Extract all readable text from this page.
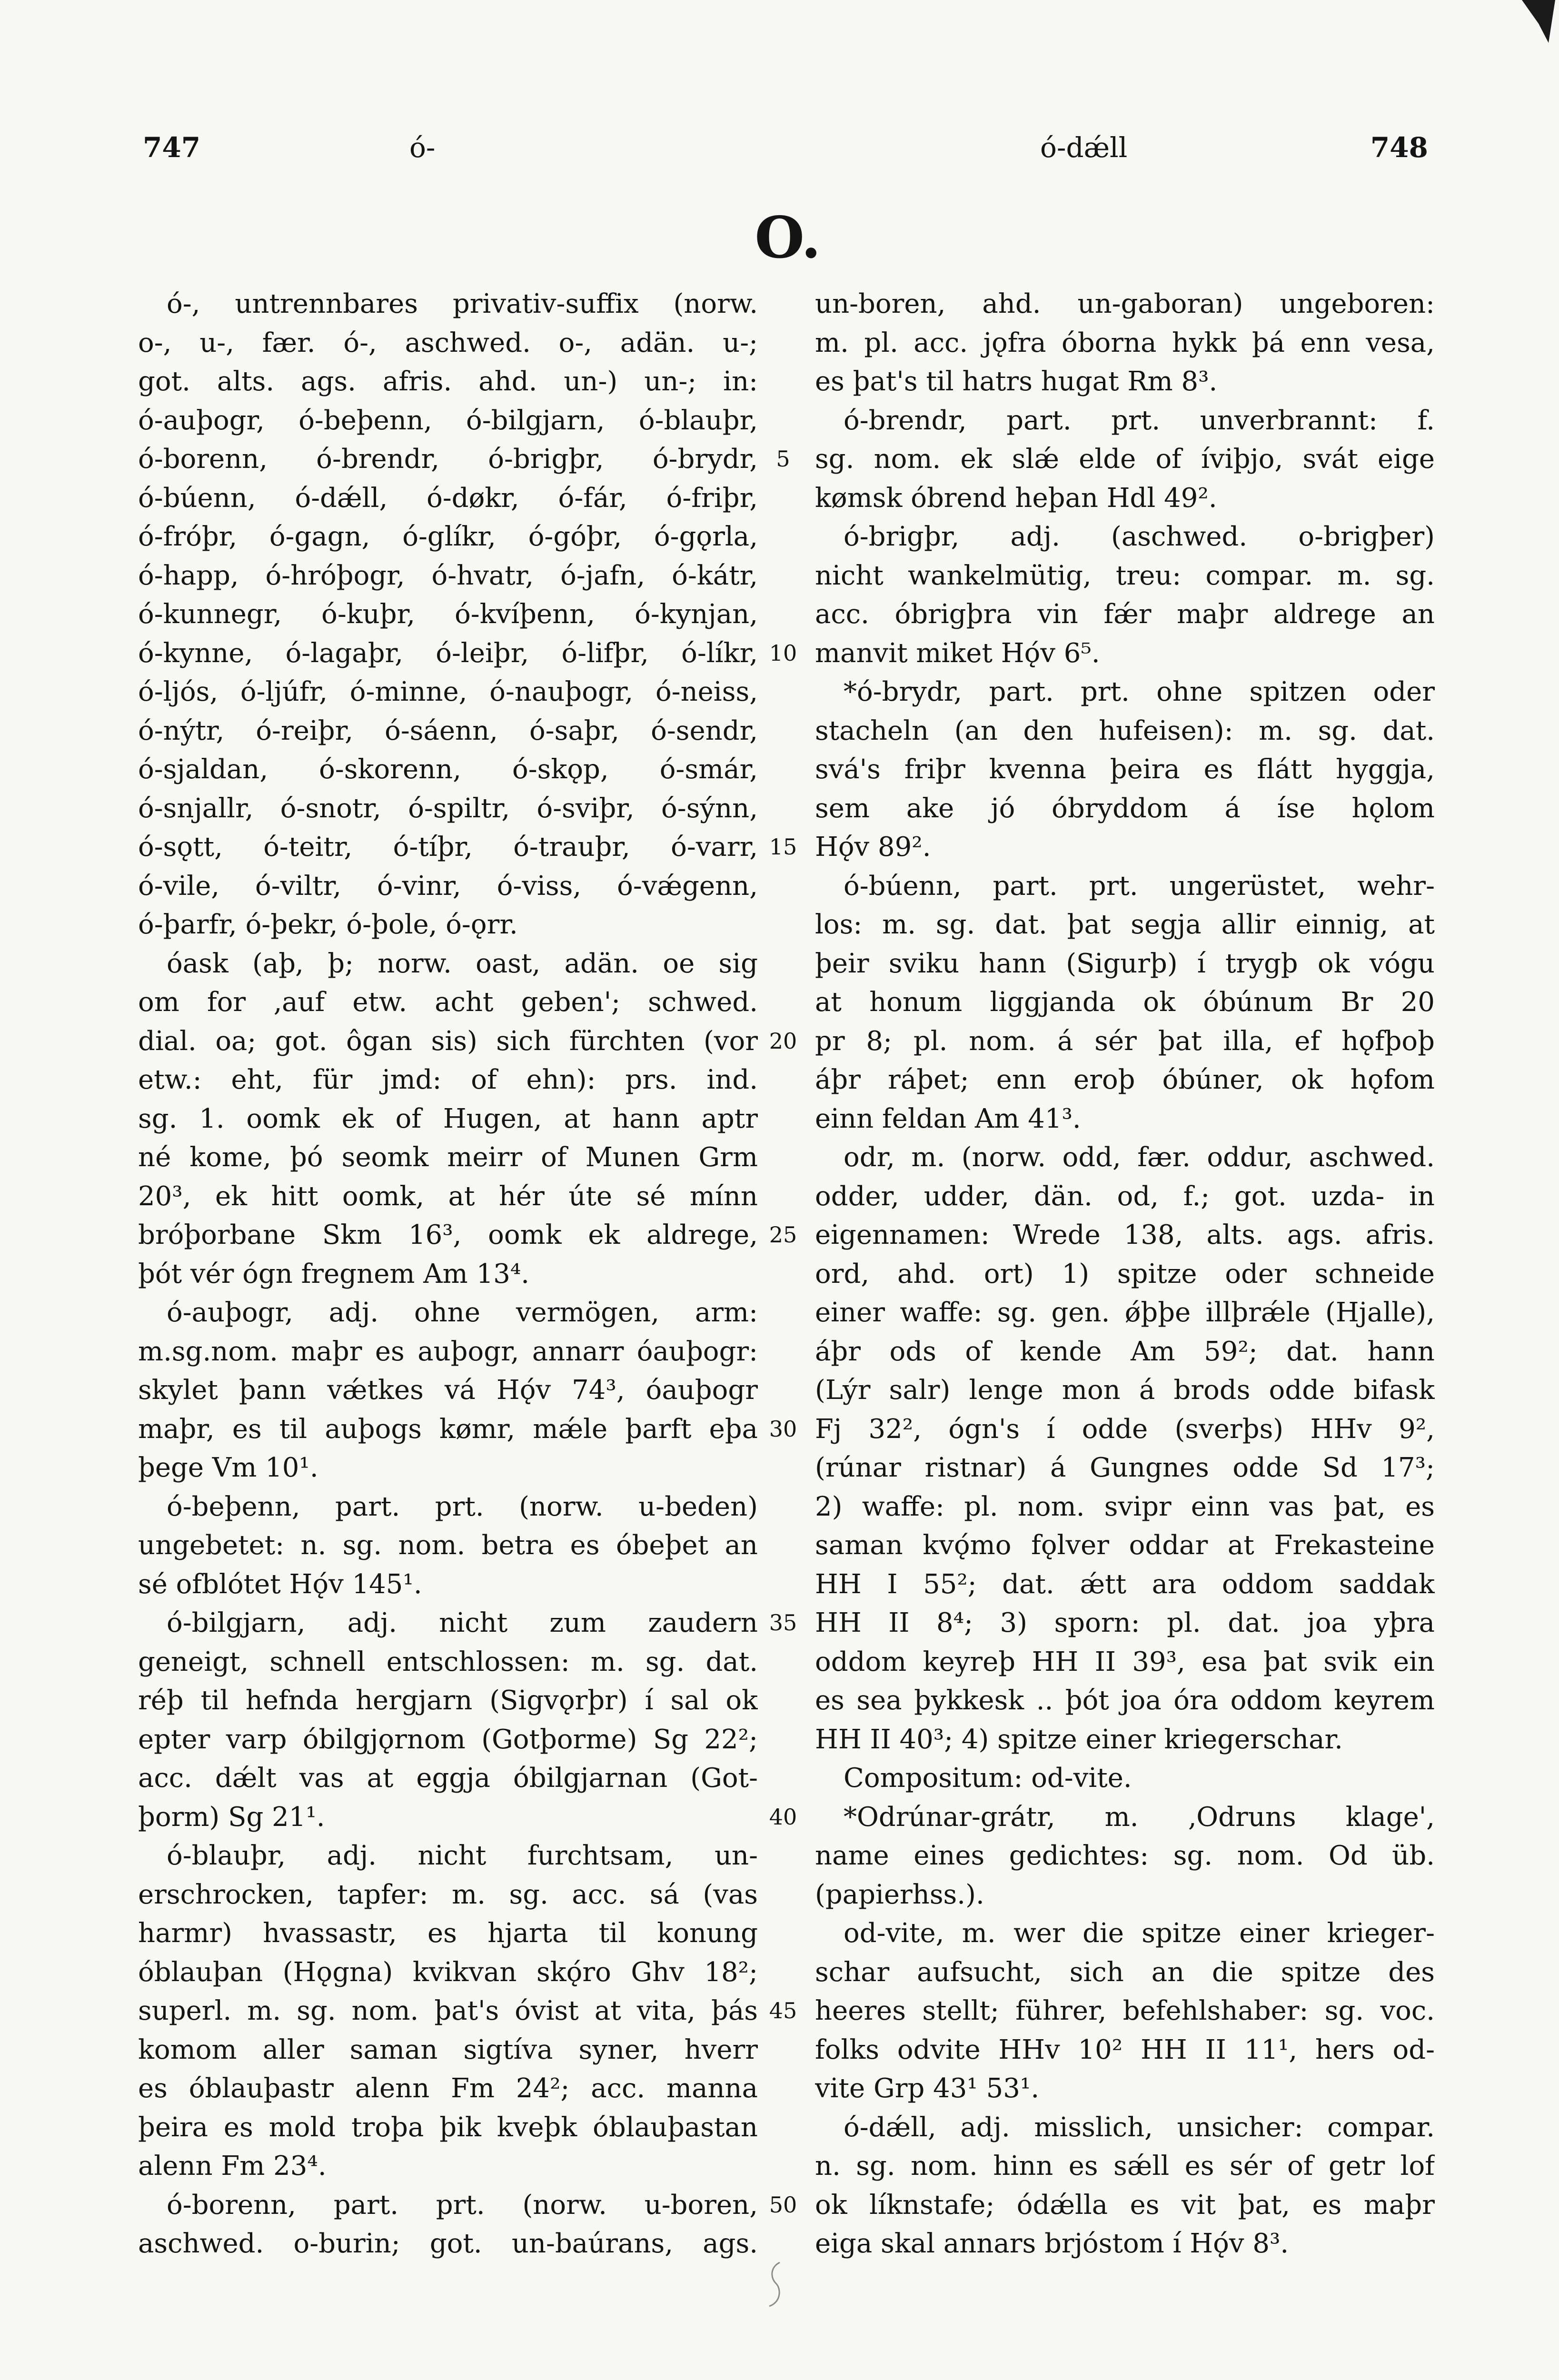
747	ó-	ó-dǽll	748
O.
ó-, untrennbares privativ-suffix (norw.
o-, u-, fær. ó-, aschwed. o-, adän. u-;
got. alts. ags. afris. ahd. un-) un-; in:
ó-auþogr, ó-beþenn, ó-bilgjarn, ó-blauþr,
ó-borenn, ó-brendr, ó-brigþr, ó-brydr,
ó-búenn, ó-dǽll, ó-døkr, ó-fár, ó-friþr,
ó-fróþr, ó-gagn, ó-glíkr, ó-góþr, ó-gǫrla,
ó-happ, ó-hróþogr, ó-hvatr, ó-jafn, ó-kátr,
ó-kunnegr, ó-kuþr, ó-kvíþenn, ó-kynjan,
ó-kynne, ó-lagaþr, ó-leiþr, ó-lifþr, ó-líkr,
ó-ljós, ó-ljúfr, ó-minne, ó-nauþogr, ó-neiss,
ó-nýtr, ó-reiþr, ó-sáenn, ó-saþr, ó-sendr,
ó-sjaldan, ó-skorenn, ó-skǫp, ó-smár,
ó-snjallr, ó-snotr, ó-spiltr, ó-sviþr, ó-sýnn,
ó-sǫtt, ó-teitr, ó-tíþr, ó-trauþr, ó-varr,
ó-vile, ó-viltr, ó-vinr, ó-viss, ó-vǽgenn,
ó-þarfr, ó-þekr, ó-þole, ó-ǫrr.
óask (aþ, þ; norw. oast, adän. oe sig
om for ‚auf etw. acht geben'; schwed.
dial. oa; got. ôgan sis) sich fürchten (vor
etw.: eht, für jmd: of ehn): prs. ind.
sg. 1. oomk ek of Hugen, at hann aptr
né kome, þó seomk meirr of Munen Grm
20³, ek hitt oomk, at hér úte sé mínn
bróþorbane Skm 16³, oomk ek aldrege,
þót vér ógn fregnem Am 13⁴.
ó-auþogr, adj. ohne vermögen, arm:
m.sg.nom. maþr es auþogr, annarr óauþogr:
skylet þann vǽtkes vá Hǫ́v 74³, óauþogr
maþr, es til auþogs kømr, mǽle þarft eþa
þege Vm 10¹.
ó-beþenn, part. prt. (norw. u-beden)
ungebetet: n. sg. nom. betra es óbeþet an
sé ofblótet Hǫ́v 145¹.
ó-bilgjarn, adj. nicht zum zaudern
geneigt, schnell entschlossen: m. sg. dat.
réþ til hefnda hergjarn (Sigvǫrþr) í sal ok
epter varp óbilgjǫrnom (Gotþorme) Sg 22²;
acc. dǽlt vas at eggja óbilgjarnan (Got-
þorm) Sg 21¹.
ó-blauþr, adj. nicht furchtsam, un-
erschrocken, tapfer: m. sg. acc. sá (vas
harmr) hvassastr, es hjarta til konung
óblauþan (Hǫgna) kvikvan skǫ́ro Ghv 18²;
superl. m. sg. nom. þat's óvist at vita, þás
komom aller saman sigtíva syner, hverr
es óblauþastr alenn Fm 24²; acc. manna
þeira es mold troþa þik kveþk óblauþastan
alenn Fm 23⁴.
ó-borenn, part. prt. (norw. u-boren,
aschwed. o-burin; got. un-baúrans, ags.
5
10
15
20
25
30
35
40
45
50
un-boren, ahd. un-gaboran) ungeboren:
m. pl. acc. jǫfra óborna hykk þá enn vesa,
es þat's til hatrs hugat Rm 8³.
ó-brendr, part. prt. unverbrannt: f.
sg. nom. ek slǽ elde of íviþjo, svát eige
kømsk óbrend heþan Hdl 49².
ó-brigþr, adj. (aschwed. o-brigþer)
nicht wankelmütig, treu: compar. m. sg.
acc. óbrigþra vin fǽr maþr aldrege an
manvit miket Hǫ́v 6⁵.
*ó-brydr, part. prt. ohne spitzen oder
stacheln (an den hufeisen): m. sg. dat.
svá's friþr kvenna þeira es flátt hyggja,
sem ake jó óbryddom á íse hǫlom
Hǫ́v 89².
ó-búenn, part. prt. ungerüstet, wehr-
los: m. sg. dat. þat segja allir einnig, at
þeir sviku hann (Sigurþ) í trygþ ok vógu
at honum liggjanda ok óbúnum Br 20
pr 8; pl. nom. á sér þat illa, ef hǫfþoþ
áþr ráþet; enn eroþ óbúner, ok hǫfom
einn feldan Am 41³.
odr, m. (norw. odd, fær. oddur, aschwed.
odder, udder, dän. od, f.; got. uzda- in
eigennamen: Wrede 138, alts. ags. afris.
ord, ahd. ort) 1) spitze oder schneide
einer waffe: sg. gen. ǿþþe illþrǽle (Hjalle),
áþr ods of kende Am 59²; dat. hann
(Lýr salr) lenge mon á brods odde bifask
Fj 32², ógn's í odde (sverþs) HHv 9²,
(rúnar ristnar) á Gungnes odde Sd 17³;
2) waffe: pl. nom. svipr einn vas þat, es
saman kvǫ́mo fǫlver oddar at Frekasteine
HH I 55²; dat. ǽtt ara oddom saddak
HH II 8⁴; 3) sporn: pl. dat. joa yþra
oddom keyreþ HH II 39³, esa þat svik ein
es sea þykkesk .. þót joa óra oddom keyrem
HH II 40³; 4) spitze einer kriegerschar.
Compositum: od-vite.
*Odrúnar-grátr, m. ‚Odruns klage',
name eines gedichtes: sg. nom. Od üb.
(papierhss.).
od-vite, m. wer die spitze einer krieger-
schar aufsucht, sich an die spitze des
heeres stellt; führer, befehlshaber: sg. voc.
folks odvite HHv 10² HH II 11¹, hers od-
vite Grp 43¹ 53¹.
ó-dǽll, adj. misslich, unsicher: compar.
n. sg. nom. hinn es sǽll es sér of getr lof
ok líknstafe; ódǽlla es vit þat, es maþr
eiga skal annars brjóstom í Hǫ́v 8³.
